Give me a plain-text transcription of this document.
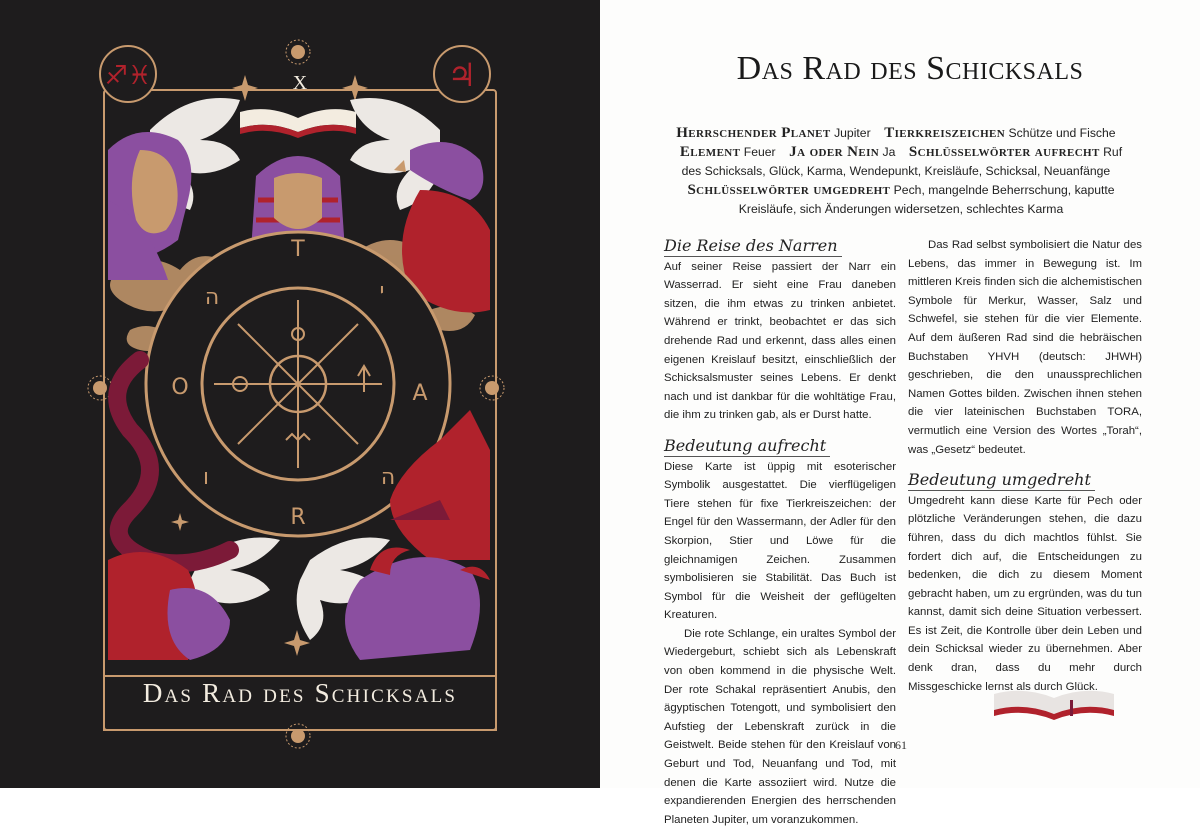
♐♓	♃
T
A
R
O
י
ה
ו
ה
X
Das Rad des Schicksals
Das Rad des Schicksals
Herrschender Planet Jupiter Tierkreiszeichen Schütze und Fische    Element Feuer Ja oder Nein Ja Schlüsselwörter aufrecht Ruf des Schicksals, Glück, Karma, Wendepunkt, Kreisläufe, Schicksal, Neuanfänge    Schlüsselwörter umgedreht Pech, mangelnde Beherrschung, kaputte Kreisläufe, sich Änderungen widersetzen, schlechtes Karma
Die Reise des Narren

Auf seiner Reise passiert der Narr ein Wasserrad. Er sieht eine Frau daneben sitzen, die ihm etwas zu trinken anbietet. Während er trinkt, beobachtet er das sich drehende Rad und erkennt, dass alles einen eigenen Kreislauf besitzt, einschließlich der Schicksalsmuster seines Lebens. Er denkt nach und ist dankbar für die wohltätige Frau, die ihm zu trinken gab, als er Durst hatte.

Bedeutung aufrecht

Diese Karte ist üppig mit esoterischer Symbolik ausgestattet. Die vierflügeligen Tiere stehen für fixe Tierkreiszeichen: der Engel für den Wassermann, der Adler für den Skorpion, Stier und Löwe für die gleichnamigen Zeichen. Zusammen symbolisieren sie Stabilität. Das Buch ist Symbol für die Weisheit der geflügelten Kreaturen.

Die rote Schlange, ein uraltes Symbol der Wiedergeburt, schiebt sich als Lebenskraft von oben kommend in die physische Welt. Der rote Schakal repräsentiert Anubis, den ägyptischen Totengott, und symbolisiert den Aufstieg der Lebenskraft zurück in die Geistwelt. Beide stehen für den Kreislauf von Geburt und Tod, Neuanfang und Tod, mit denen die Karte assoziiert wird. Nutze die expandierenden Energien des herrschenden Planeten Jupiter, um voranzukommen.

Das Rad selbst symbolisiert die Natur des Lebens, das immer in Bewegung ist. Im mittleren Kreis finden sich die alchemistischen Symbole für Merkur, Wasser, Salz und Schwefel, sie stehen für die vier Elemente. Auf dem äußeren Rad sind die hebräischen Buchstaben YHVH (deutsch: JHWH) geschrieben, die den unaussprechlichen Namen Gottes bilden. Zwischen ihnen stehen die vier lateinischen Buchstaben TORA, vermutlich eine Version des Wortes „Torah“, was „Gesetz“ bedeutet.

Bedeutung umgedreht

Umgedreht kann diese Karte für Pech oder plötzliche Veränderungen stehen, die dazu führen, dass du dich machtlos fühlst. Sie fordert dich auf, die Entscheidungen zu bedenken, die dich zu diesem Moment gebracht haben, um zu ergründen, was du tun kannst, damit sich deine Situation verbessert. Es ist Zeit, die Kontrolle über dein Leben und dein Schicksal wieder zu übernehmen. Aber denk dran, dass du mehr durch Missgeschicke lernst als durch Glück.

61
